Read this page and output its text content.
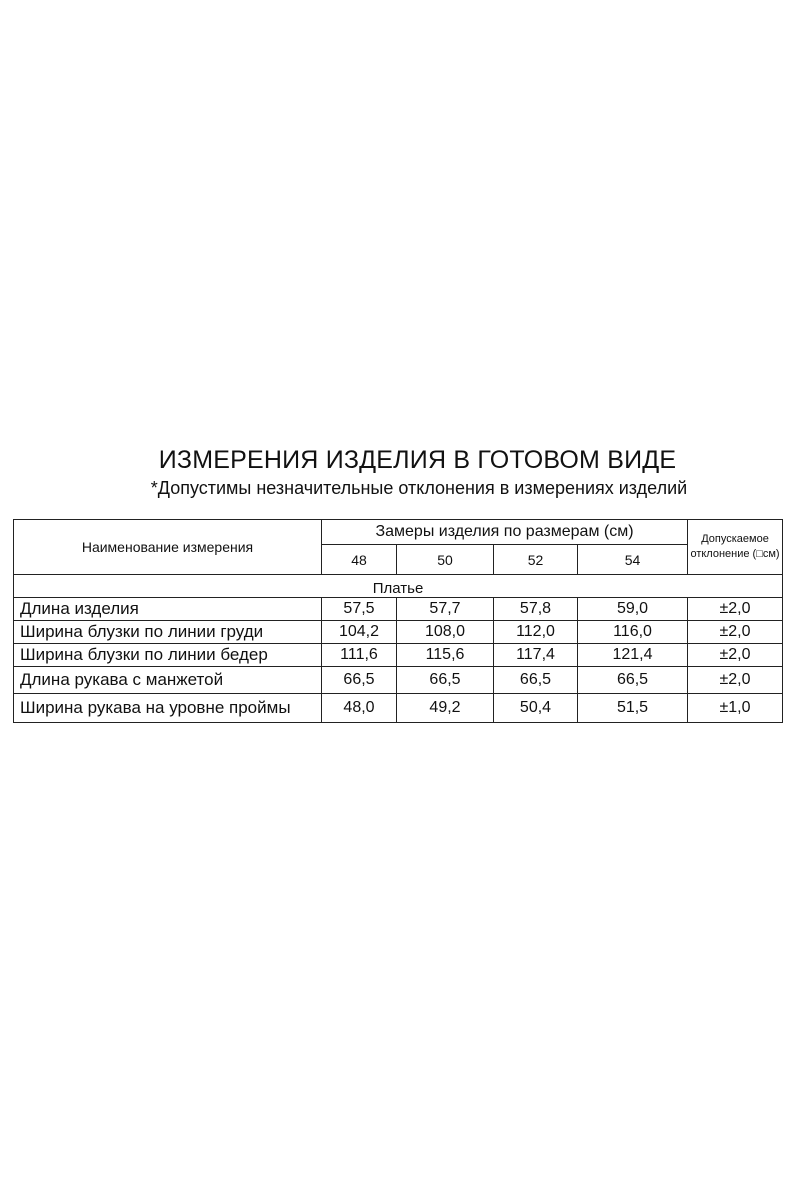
ИЗМЕРЕНИЯ ИЗДЕЛИЯ В ГОТОВОМ ВИДЕ
*Допустимы незначительные отклонения в измерениях изделий
Наименование измерения	Замеры изделия по размерам (см)				Допускаемое отклонение (□см)
	48	50	52	54	
Платье					
Длина изделия	57,5	57,7	57,8	59,0	±2,0
Ширина блузки по линии груди	104,2	108,0	112,0	116,0	±2,0
Ширина блузки по линии бедер	111,6	115,6	117,4	121,4	±2,0
Длина рукава с манжетой	66,5	66,5	66,5	66,5	±2,0
Ширина рукава на уровне проймы	48,0	49,2	50,4	51,5	±1,0
